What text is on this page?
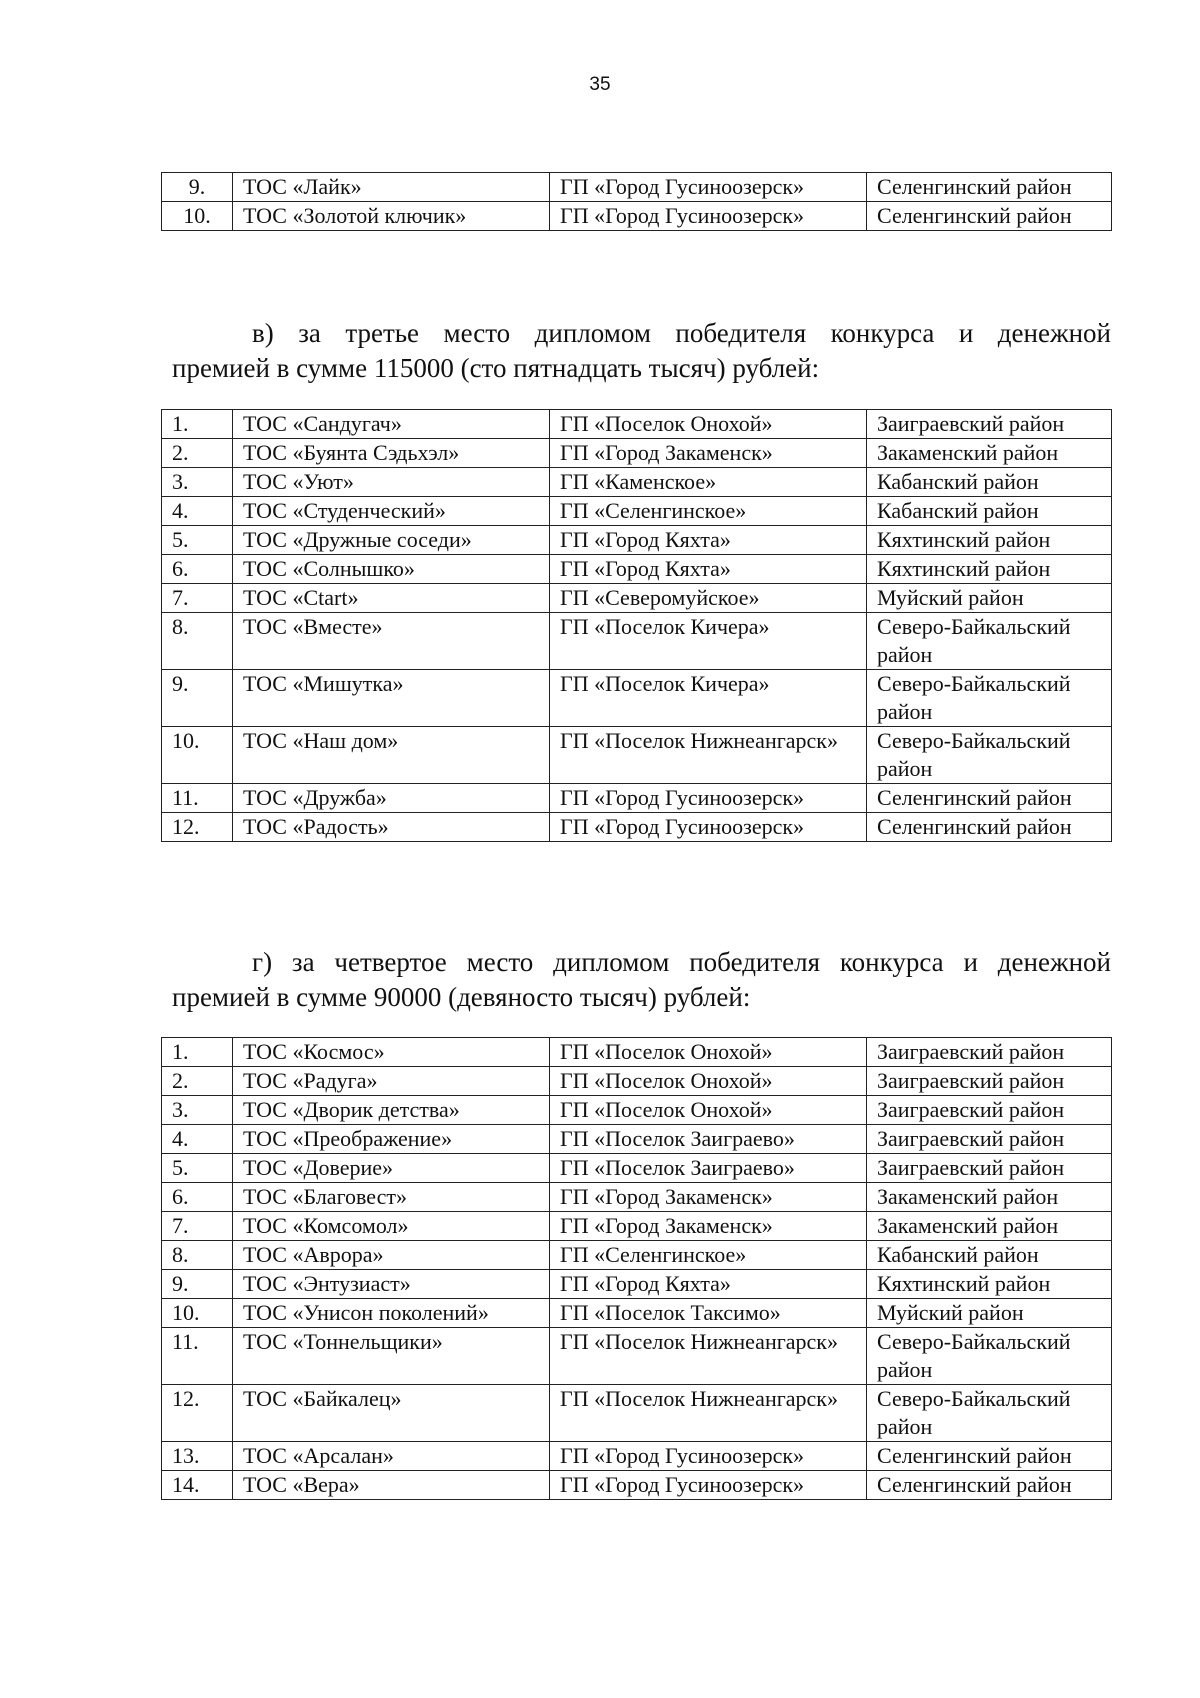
35
9.	ТОС «Лайк»	ГП «Город Гусиноозерск»	Селенгинский район
10.	ТОС «Золотой ключик»	ГП «Город Гусиноозерск»	Селенгинский район
в) за третье место дипломом победителя конкурса и денежной
премией в сумме 115000 (сто пятнадцать тысяч) рублей:
1.	ТОС «Сандугач»	ГП «Поселок Онохой»	Заиграевский район
2.	ТОС «Буянта Сэдьхэл»	ГП «Город Закаменск»	Закаменский район
3.	ТОС «Уют»	ГП «Каменское»	Кабанский район
4.	ТОС «Студенческий»	ГП «Селенгинское»	Кабанский район
5.	ТОС «Дружные соседи»	ГП «Город Кяхта»	Кяхтинский район
6.	ТОС «Солнышко»	ГП «Город Кяхта»	Кяхтинский район
7.	ТОС «Ctart»	ГП «Северомуйское»	Муйский район
8.	ТОС «Вместе»	ГП «Поселок Кичера»	Северо-Байкальский район
9.	ТОС «Мишутка»	ГП «Поселок Кичера»	Северо-Байкальский район
10.	ТОС «Наш дом»	ГП «Поселок Нижнеангарск»	Северо-Байкальский район
11.	ТОС «Дружба»	ГП «Город Гусиноозерск»	Селенгинский район
12.	ТОС «Радость»	ГП «Город Гусиноозерск»	Селенгинский район
г) за четвертое место дипломом победителя конкурса и денежной
премией в сумме 90000 (девяносто тысяч) рублей:
1.	ТОС «Космос»	ГП «Поселок Онохой»	Заиграевский район
2.	ТОС «Радуга»	ГП «Поселок Онохой»	Заиграевский район
3.	ТОС «Дворик детства»	ГП «Поселок Онохой»	Заиграевский район
4.	ТОС «Преображение»	ГП «Поселок Заиграево»	Заиграевский район
5.	ТОС «Доверие»	ГП «Поселок Заиграево»	Заиграевский район
6.	ТОС «Благовест»	ГП «Город Закаменск»	Закаменский район
7.	ТОС «Комсомол»	ГП «Город Закаменск»	Закаменский район
8.	ТОС «Аврора»	ГП «Селенгинское»	Кабанский район
9.	ТОС «Энтузиаст»	ГП «Город Кяхта»	Кяхтинский район
10.	ТОС «Унисон поколений»	ГП «Поселок Таксимо»	Муйский район
11.	ТОС «Тоннельщики»	ГП «Поселок Нижнеангарск»	Северо-Байкальский район
12.	ТОС «Байкалец»	ГП «Поселок Нижнеангарск»	Северо-Байкальский район
13.	ТОС «Арсалан»	ГП «Город Гусиноозерск»	Селенгинский район
14.	ТОС «Вера»	ГП «Город Гусиноозерск»	Селенгинский район
